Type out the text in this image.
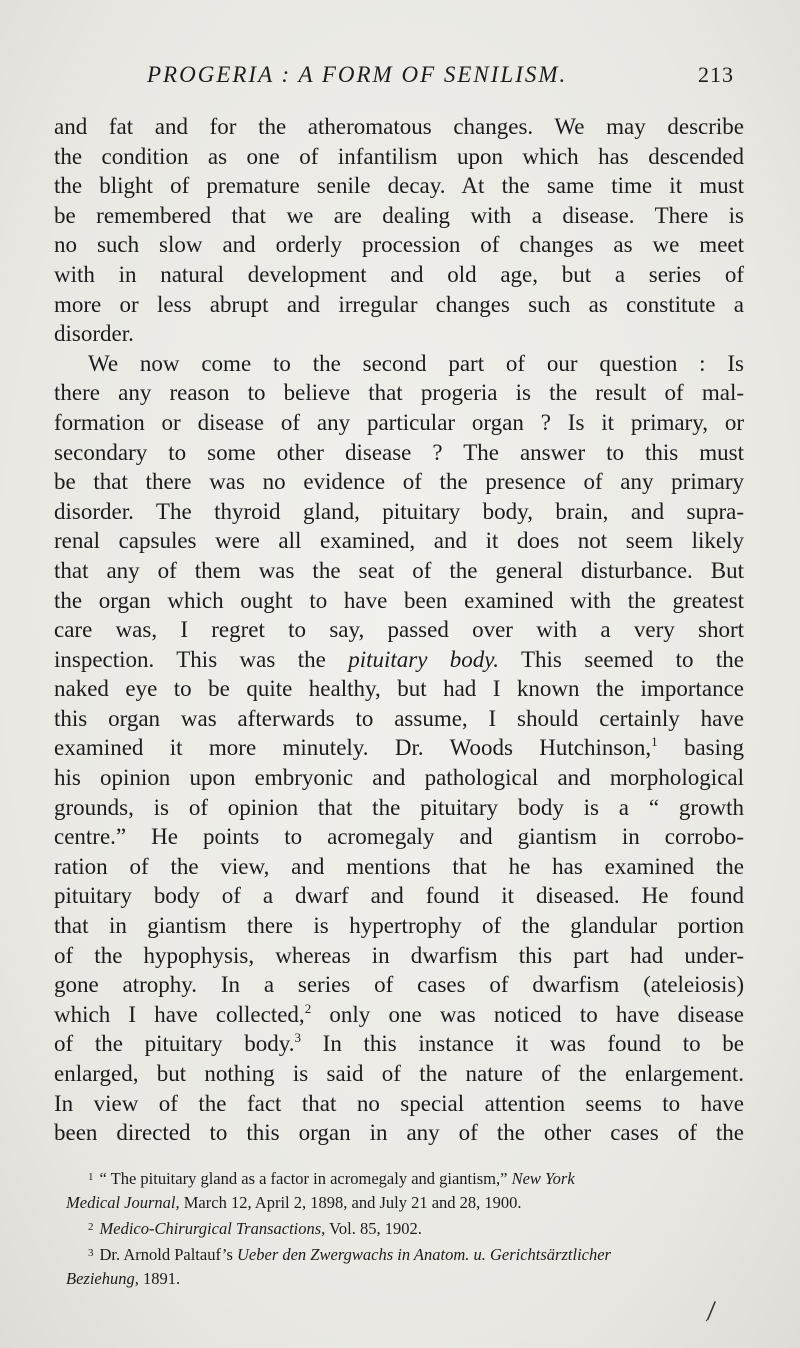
PROGERIA : A FORM OF SENILISM.	213
and fat and for the atheromatous changes. We may describe
the condition as one of infantilism upon which has descended
the blight of premature senile decay. At the same time it must
be remembered that we are dealing with a disease. There is
no such slow and orderly procession of changes as we meet
with in natural development and old age, but a series of
more or less abrupt and irregular changes such as constitute a
disorder.
We now come to the second part of our question : Is
there any reason to believe that progeria is the result of mal-
formation or disease of any particular organ ? Is it primary, or
secondary to some other disease ? The answer to this must
be that there was no evidence of the presence of any primary
disorder. The thyroid gland, pituitary body, brain, and supra-
renal capsules were all examined, and it does not seem likely
that any of them was the seat of the general disturbance. But
the organ which ought to have been examined with the greatest
care was, I regret to say, passed over with a very short
inspection. This was the pituitary body. This seemed to the
naked eye to be quite healthy, but had I known the importance
this organ was afterwards to assume, I should certainly have
examined it more minutely. Dr. Woods Hutchinson,$^1$ basing
his opinion upon embryonic and pathological and morphological
grounds, is of opinion that the pituitary body is a “ growth
centre.” He points to acromegaly and giantism in corrobo-
ration of the view, and mentions that he has examined the
pituitary body of a dwarf and found it diseased. He found
that in giantism there is hypertrophy of the glandular portion
of the hypophysis, whereas in dwarfism this part had under-
gone atrophy. In a series of cases of dwarfism (ateleiosis)
which I have collected,$^2$ only one was noticed to have disease
of the pituitary body.$^3$ In this instance it was found to be
enlarged, but nothing is said of the nature of the enlargement.
In view of the fact that no special attention seems to have
been directed to this organ in any of the other cases of the
$^1$ “ The pituitary gland as a factor in acromegaly and giantism,” New York
Medical Journal, March 12, April 2, 1898, and July 21 and 28, 1900.
$^2$ Medico-Chirurgical Transactions, Vol. 85, 1902.
$^3$ Dr. Arnold Paltauf’s Ueber den Zwergwachs in Anatom. u. Gerichtsärztlicher
Beziehung, 1891.
